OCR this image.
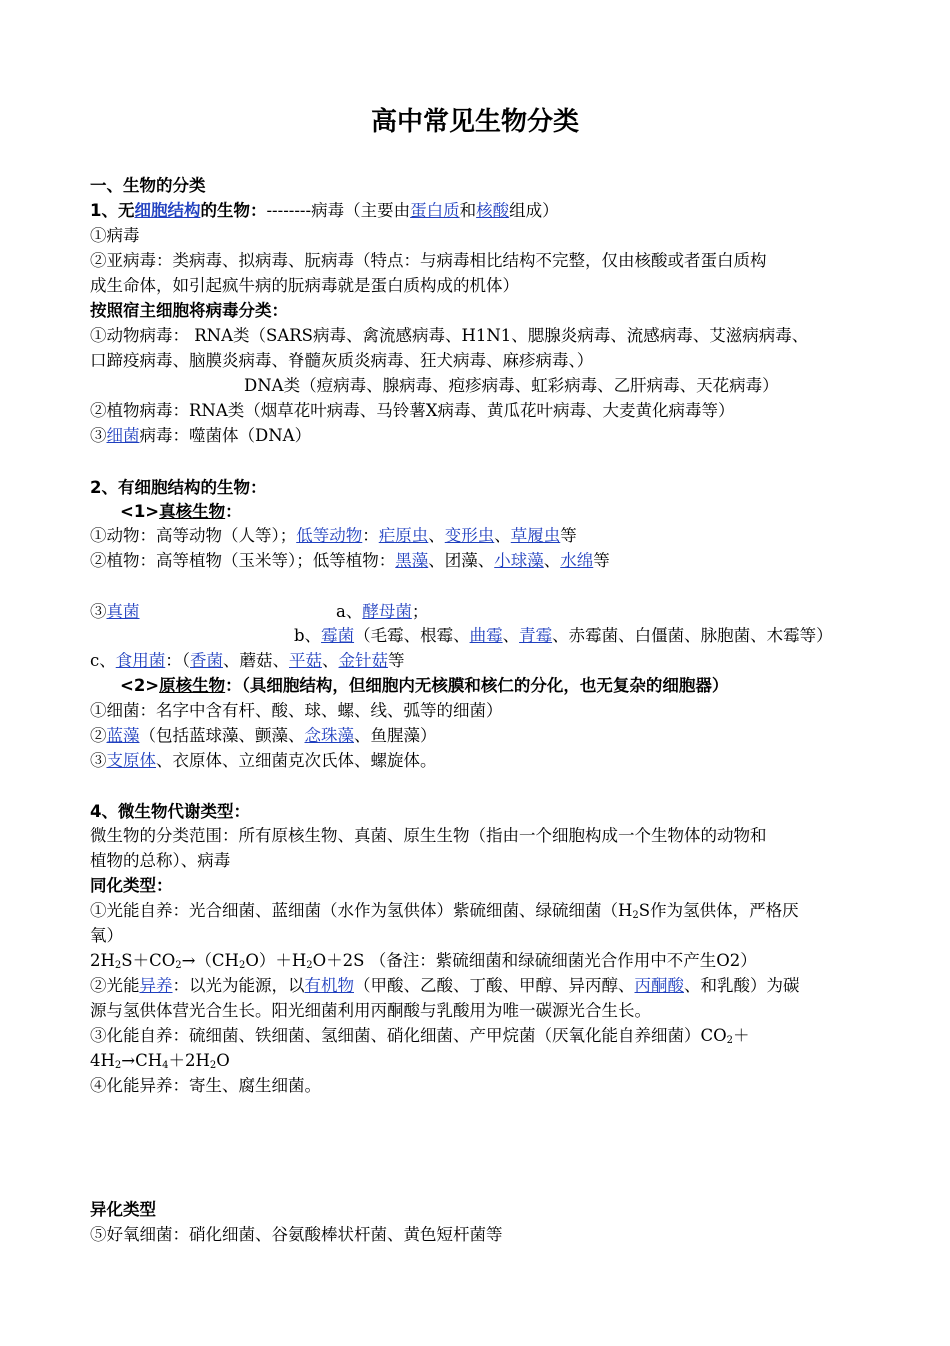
高中常见生物分类
一、生物的分类
1、无细胞结构的生物：--------病毒（主要由蛋白质和核酸组成）
①病毒
②亚病毒：类病毒、拟病毒、朊病毒（特点：与病毒相比结构不完整，仅由核酸或者蛋白质构
成生命体，如引起疯牛病的朊病毒就是蛋白质构成的机体）
按照宿主细胞将病毒分类：
①动物病毒： RNA类（SARS病毒、禽流感病毒、H1N1、腮腺炎病毒、流感病毒、艾滋病病毒、
口蹄疫病毒、脑膜炎病毒、脊髓灰质炎病毒、狂犬病毒、麻疹病毒、）
DNA类（痘病毒、腺病毒、疱疹病毒、虹彩病毒、乙肝病毒、天花病毒）
②植物病毒：RNA类（烟草花叶病毒、马铃薯X病毒、黄瓜花叶病毒、大麦黄化病毒等）
③细菌病毒：噬菌体（DNA）
2、有细胞结构的生物：
<1>真核生物：
①动物：高等动物（人等）；低等动物：疟原虫、变形虫、草履虫等
②植物：高等植物（玉米等）；低等植物：黑藻、团藻、小球藻、水绵等
③真菌	a、酵母菌；
b、霉菌（毛霉、根霉、曲霉、青霉、赤霉菌、白僵菌、脉胞菌、木霉等）
c、食用菌：（香菌、蘑菇、平菇、金针菇等
<2>原核生物：（具细胞结构，但细胞内无核膜和核仁的分化，也无复杂的细胞器）
①细菌：名字中含有杆、酸、球、螺、线、弧等的细菌）
②蓝藻（包括蓝球藻、颤藻、念珠藻、鱼腥藻）
③支原体、衣原体、立细菌克次氏体、螺旋体。
4、微生物代谢类型：
微生物的分类范围：所有原核生物、真菌、原生生物（指由一个细胞构成一个生物体的动物和
植物的总称）、病毒
同化类型：
①光能自养：光合细菌、蓝细菌（水作为氢供体）紫硫细菌、绿硫细菌（$H_2S$作为氢供体，严格厌
氧）
$2H_2S+CO_2\to(CH_2O)+H_2O+2S$ （备注：紫硫细菌和绿硫细菌光合作用中不产生O2）
②光能异养：以光为能源，以有机物（甲酸、乙酸、丁酸、甲醇、异丙醇、丙酮酸、和乳酸）为碳
源与氢供体营光合生长。阳光细菌利用丙酮酸与乳酸用为唯一碳源光合生长。
③化能自养：硫细菌、铁细菌、氢细菌、硝化细菌、产甲烷菌（厌氧化能自养细菌）$CO_2+$
$4H_2\to CH_4+2H_2O$
④化能异养：寄生、腐生细菌。
异化类型
⑤好氧细菌：硝化细菌、谷氨酸棒状杆菌、黄色短杆菌等
